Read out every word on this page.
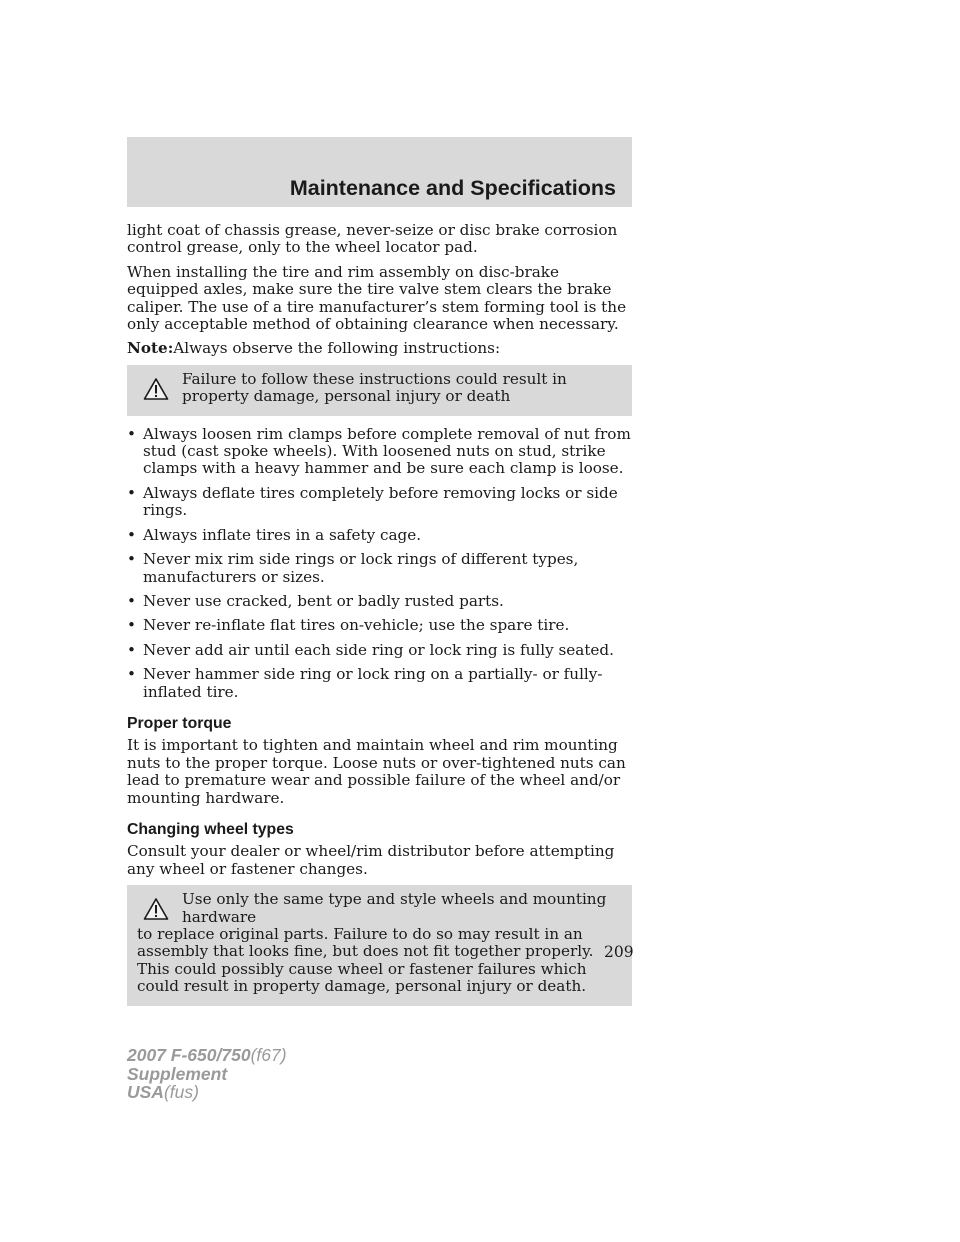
Maintenance and Specifications

light coat of chassis grease, never-seize or disc brake corrosion control grease, only to the wheel locator pad.

When installing the tire and rim assembly on disc-brake equipped axles, make sure the tire valve stem clears the brake caliper. The use of a tire manufacturer’s stem forming tool is the only acceptable method of obtaining clearance when necessary.

Note:Always observe the following instructions:

Failure to follow these instructions could result in property damage, personal injury or death

• Always loosen rim clamps before complete removal of nut from stud (cast spoke wheels). With loosened nuts on stud, strike clamps with a heavy hammer and be sure each clamp is loose.
• Always deflate tires completely before removing locks or side rings.
• Always inflate tires in a safety cage.
• Never mix rim side rings or lock rings of different types, manufacturers or sizes.
• Never use cracked, bent or badly rusted parts.
• Never re-inflate flat tires on-vehicle; use the spare tire.
• Never add air until each side ring or lock ring is fully seated.
• Never hammer side ring or lock ring on a partially- or fully-inflated tire.
Proper torque

It is important to tighten and maintain wheel and rim mounting nuts to the proper torque. Loose nuts or over-tightened nuts can lead to premature wear and possible failure of the wheel and/or mounting hardware.

Changing wheel types

Consult your dealer or wheel/rim distributor before attempting any wheel or fastener changes.

Use only the same type and style wheels and mounting hardware
to replace original parts. Failure to do so may result in an assembly that looks fine, but does not fit together properly. This could possibly cause wheel or fastener failures which could result in property damage, personal injury or death.

209
2007 F-650/750(f67)
Supplement
USA(fus)
